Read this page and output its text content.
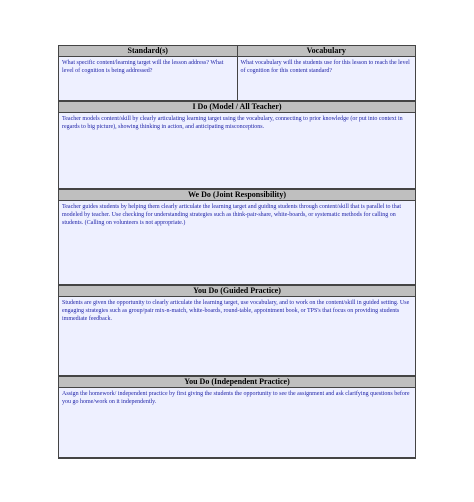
Standard(s)	Vocabulary
What specific content/learning target will the lesson address? What level of cognition is being addressed?
What vocabulary will the students use for this lesson to reach the level of cognition for this content standard?
I Do (Model / All Teacher)
Teacher models content/skill by clearly articulating learning target using the vocabulary, connecting to prior knowledge (or put into context in regards to big picture), showing thinking in action, and anticipating misconceptions.
We Do (Joint Responsibility)
Teacher guides students by helping them clearly articulate the learning target and guiding students through content/skill that is parallel to that modeled by teacher. Use checking for understanding strategies such as think-pair-share, white-boards, or systematic methods for calling on students. (Calling on volunteers is not appropriate.)
You Do (Guided Practice)
Students are given the opportunity to clearly articulate the learning target, use vocabulary, and to work on the content/skill in guided setting. Use engaging strategies such as group/pair mix-n-match, white-boards, round-table, appointment book, or TPS's that focus on providing students immediate feedback.
You Do (Independent Practice)
Assign the homework/ independent practice by first giving the students the opportunity to see the assignment and ask clarifying questions before you go home/work on it independently.
